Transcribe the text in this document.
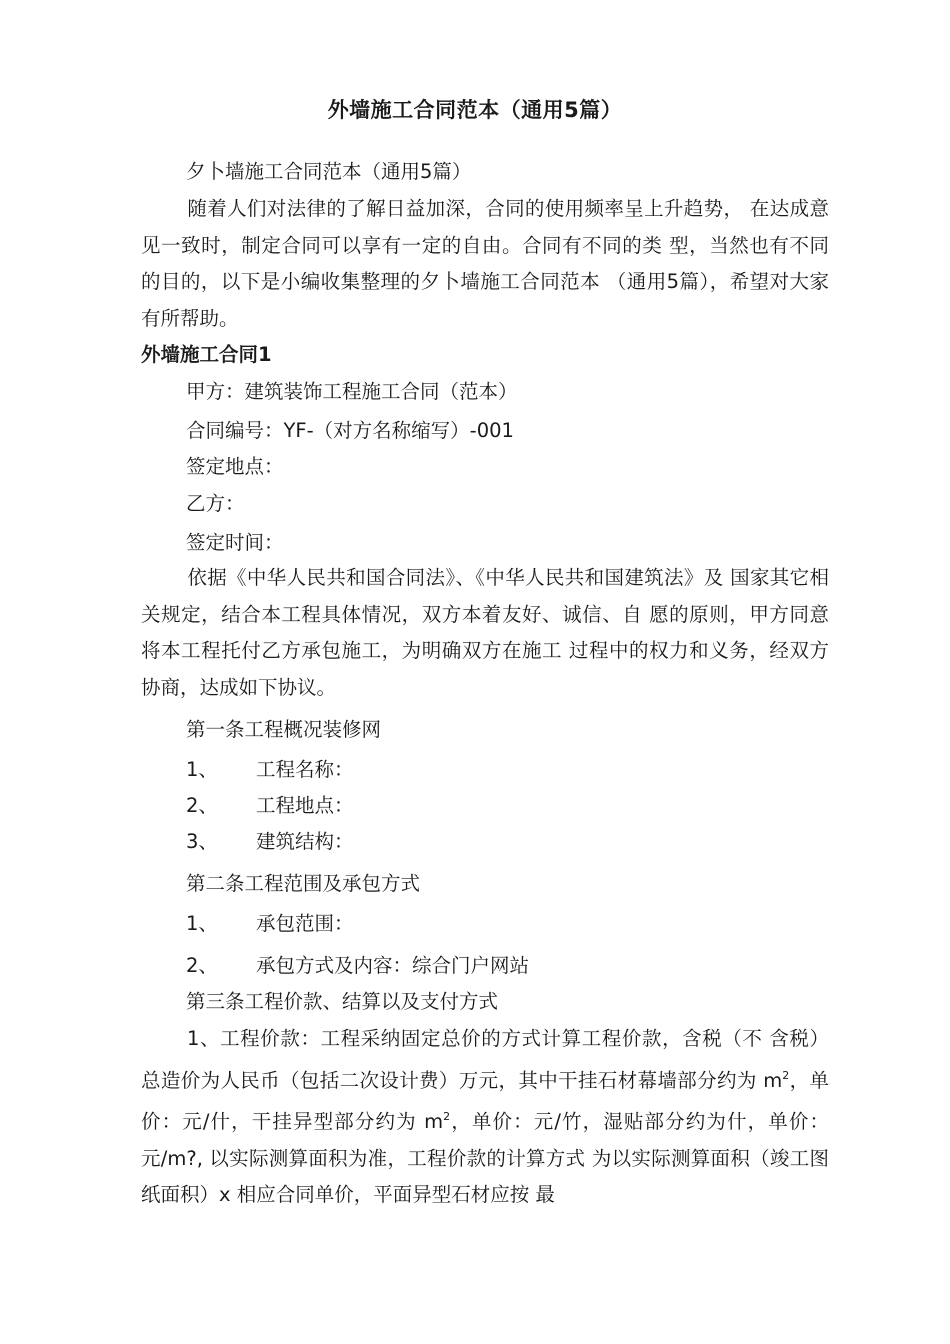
外墙施工合同范本（通用5篇）
夕卜墙施工合同范本（通用5篇）
随着人们对法律的了解日益加深，合同的使用频率呈上升趋势， 在达成意见一致时，制定合同可以享有一定的自由。合同有不同的类 型，当然也有不同的目的，以下是小编收集整理的夕卜墙施工合同范本 （通用5篇），希望对大家有所帮助。
外墙施工合同1
甲方：建筑装饰工程施工合同（范本）
合同编号：YF-（对方名称缩写）-001
签定地点：
乙方：
签定时间：
依据《中华人民共和国合同法》、《中华人民共和国建筑法》及 国家其它相关规定，结合本工程具体情况，双方本着友好、诚信、自 愿的原则，甲方同意将本工程托付乙方承包施工，为明确双方在施工 过程中的权力和义务，经双方协商，达成如下协议。
第一条工程概况装修网
1、 工程名称：
2、 工程地点：
3、 建筑结构：
第二条工程范围及承包方式
1、 承包范围：
2、 承包方式及内容：综合门户网站
第三条工程价款、结算以及支付方式
1、工程价款：工程采纳固定总价的方式计算工程价款，含税（不 含税）总造价为人民币（包括二次设计费）万元，其中干挂石材幕墙部分约为 $m^2$，单价：元/什，干挂异型部分约为 $m^2$，单价：元/竹，湿贴部分约为什，单价：元/m?, 以实际测算面积为准，工程价款的计算方式 为以实际测算面积（竣工图纸面积）x 相应合同单价，平面异型石材应按 最
